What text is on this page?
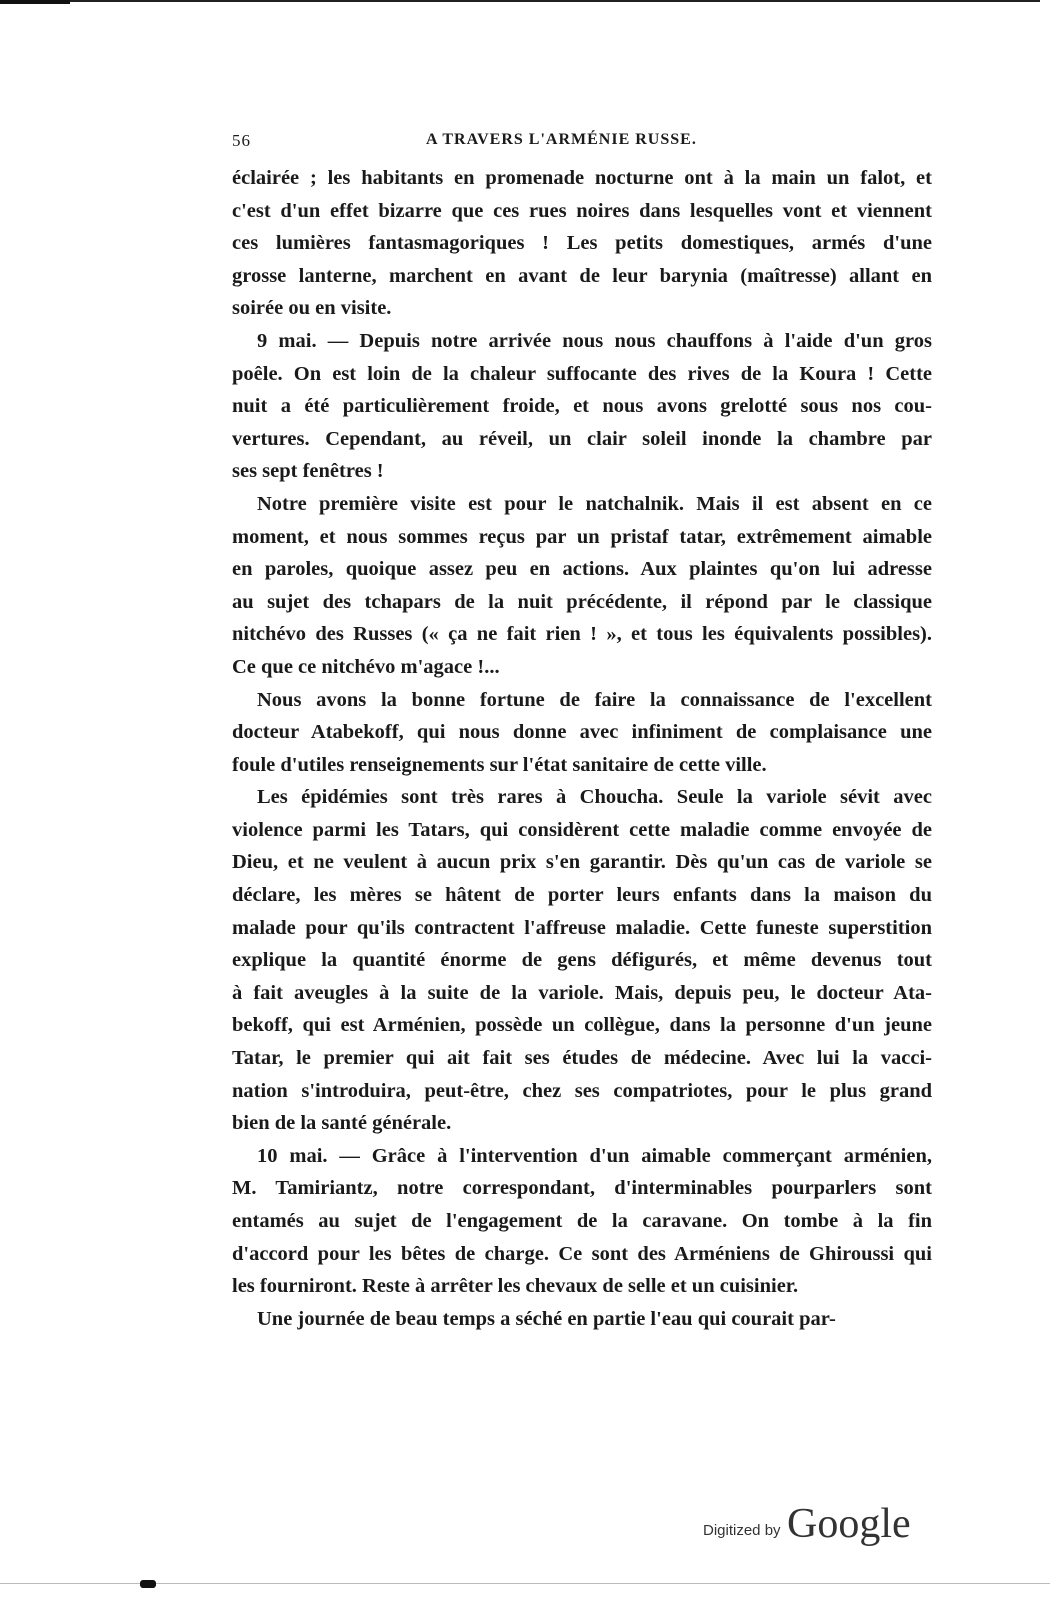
56	A TRAVERS L'ARMÉNIE RUSSE.
éclairée ; les habitants en promenade nocturne ont à la main un falot, et
c'est d'un effet bizarre que ces rues noires dans lesquelles vont et viennent
ces lumières fantasmagoriques ! Les petits domestiques, armés d'une
grosse lanterne, marchent en avant de leur barynia (maîtresse) allant en
soirée ou en visite.
9 mai. — Depuis notre arrivée nous nous chauffons à l'aide d'un gros
poêle. On est loin de la chaleur suffocante des rives de la Koura ! Cette
nuit a été particulièrement froide, et nous avons grelotté sous nos cou-
vertures. Cependant, au réveil, un clair soleil inonde la chambre par
ses sept fenêtres !
Notre première visite est pour le natchalnik. Mais il est absent en ce
moment, et nous sommes reçus par un pristaf tatar, extrêmement aimable
en paroles, quoique assez peu en actions. Aux plaintes qu'on lui adresse
au sujet des tchapars de la nuit précédente, il répond par le classique
nitchévo des Russes (« ça ne fait rien ! », et tous les équivalents possibles).
Ce que ce nitchévo m'agace !...
Nous avons la bonne fortune de faire la connaissance de l'excellent
docteur Atabekoff, qui nous donne avec infiniment de complaisance une
foule d'utiles renseignements sur l'état sanitaire de cette ville.
Les épidémies sont très rares à Choucha. Seule la variole sévit avec
violence parmi les Tatars, qui considèrent cette maladie comme envoyée de
Dieu, et ne veulent à aucun prix s'en garantir. Dès qu'un cas de variole se
déclare, les mères se hâtent de porter leurs enfants dans la maison du
malade pour qu'ils contractent l'affreuse maladie. Cette funeste superstition
explique la quantité énorme de gens défigurés, et même devenus tout
à fait aveugles à la suite de la variole. Mais, depuis peu, le docteur Ata-
bekoff, qui est Arménien, possède un collègue, dans la personne d'un jeune
Tatar, le premier qui ait fait ses études de médecine. Avec lui la vacci-
nation s'introduira, peut-être, chez ses compatriotes, pour le plus grand
bien de la santé générale.
10 mai. — Grâce à l'intervention d'un aimable commerçant arménien,
M. Tamiriantz, notre correspondant, d'interminables pourparlers sont
entamés au sujet de l'engagement de la caravane. On tombe à la fin
d'accord pour les bêtes de charge. Ce sont des Arméniens de Ghiroussi qui
les fourniront. Reste à arrêter les chevaux de selle et un cuisinier.
Une journée de beau temps a séché en partie l'eau qui courait par-
Digitized by Google
